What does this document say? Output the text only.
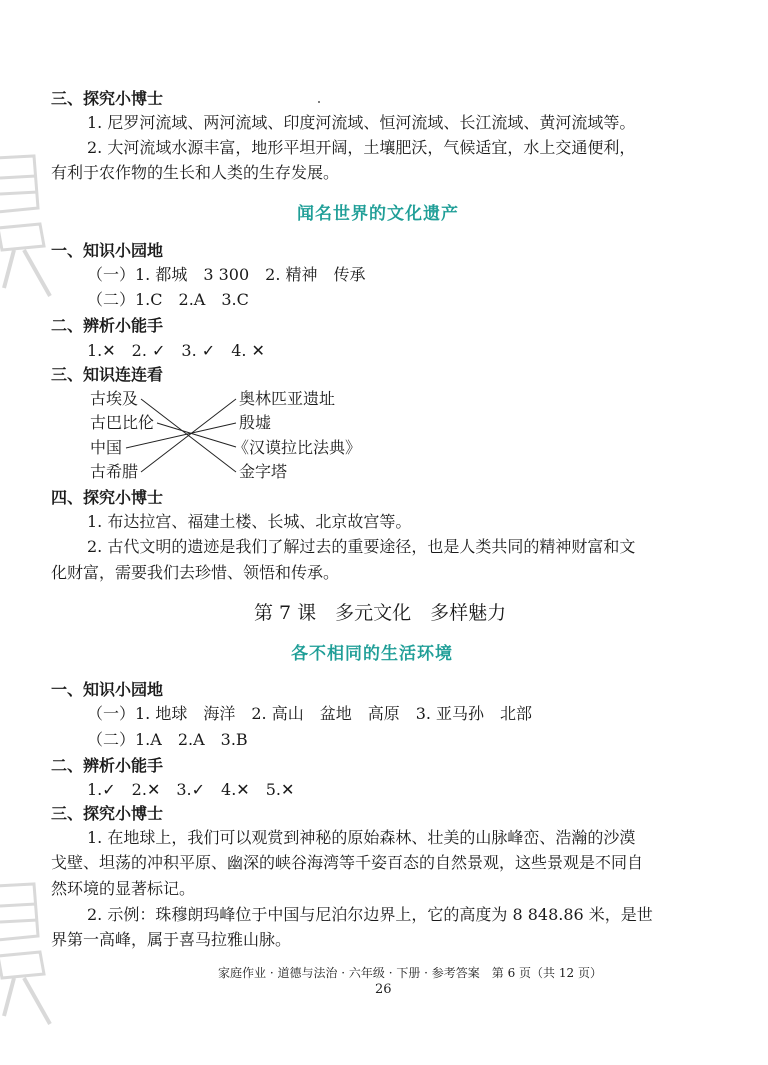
三、探究小博士
1. 尼罗河流域、两河流域、印度河流域、恒河流域、长江流域、黄河流域等。
2. 大河流域水源丰富，地形平坦开阔，土壤肥沃，气候适宜，水上交通便利，
有利于农作物的生长和人类的生存发展。
闻名世界的文化遗产
一、知识小园地
（一）1. 都城　3 300　2. 精神　传承
（二）1.C　2.A　3.C
二、辨析小能手
1.✕　2. ✓　3. ✓　4. ✕
三、知识连连看
古埃及
古巴比伦
中国
古希腊
奥林匹亚遗址
殷墟
《汉谟拉比法典》
金字塔
四、探究小博士
1. 布达拉宫、福建土楼、长城、北京故宫等。
2. 古代文明的遗迹是我们了解过去的重要途径，也是人类共同的精神财富和文
化财富，需要我们去珍惜、领悟和传承。
第 7 课　多元文化　多样魅力
各不相同的生活环境
一、知识小园地
（一）1. 地球　海洋　2. 高山　盆地　高原　3. 亚马孙　北部
（二）1.A　2.A　3.B
二、辨析小能手
1.✓　2.✕　3.✓　4.✕　5.✕
三、探究小博士
1. 在地球上，我们可以观赏到神秘的原始森林、壮美的山脉峰峦、浩瀚的沙漠
戈壁、坦荡的冲积平原、幽深的峡谷海湾等千姿百态的自然景观，这些景观是不同自
然环境的显著标记。
2. 示例：珠穆朗玛峰位于中国与尼泊尔边界上，它的高度为 8 848.86 米，是世
界第一高峰，属于喜马拉雅山脉。
家庭作业 · 道德与法治 · 六年级 · 下册 · 参考答案　第 6 页（共 12 页）
26
